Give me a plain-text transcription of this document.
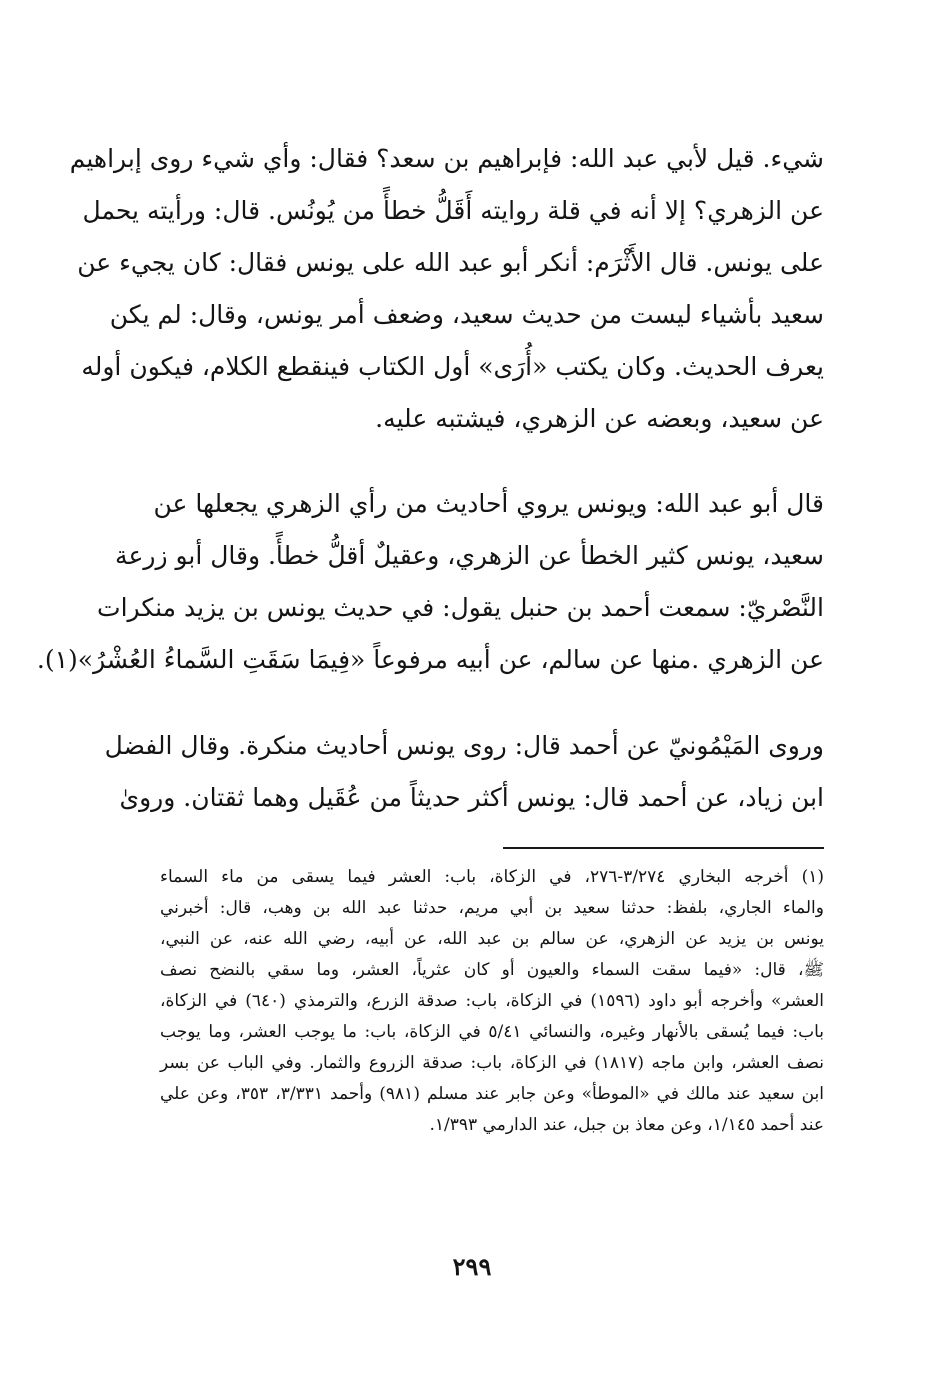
شيء. قيل لأبي عبد الله: فإبراهيم بن سعد؟ فقال: وأي شيء روى إبراهيم
عن الزهري؟ إلا أنه في قلة روايته أَقَلُّ خطأً من يُونُس. قال: ورأيته يحمل
على يونس. قال الأَثْرَم: أنكر أبو عبد الله على يونس فقال: كان يجيء عن
سعيد بأشياء ليست من حديث سعيد، وضعف أمر يونس، وقال: لم يكن
يعرف الحديث. وكان يكتب «أُرَى» أول الكتاب فينقطع الكلام، فيكون أوله
عن سعيد، وبعضه عن الزهري، فيشتبه عليه.
قال أبو عبد الله: ويونس يروي أحاديث من رأي الزهري يجعلها عن
سعيد، يونس كثير الخطأ عن الزهري، وعقيلٌ أقلُّ خطأً. وقال أبو زرعة
النَّصْريّ: سمعت أحمد بن حنبل يقول: في حديث يونس بن يزيد منكرات
عن الزهري .منها عن سالم، عن أبيه مرفوعاً «فِيمَا سَقَتِ السَّماءُ العُشْرُ»(١).
وروى المَيْمُونيّ عن أحمد قال: روى يونس أحاديث منكرة. وقال الفضل
ابن زياد، عن أحمد قال: يونس أكثر حديثاً من عُقَيل وهما ثقتان. وروىٰ
(١) أخرجه البخاري ٣/٢٧٤-٢٧٦، في الزكاة، باب: العشر فيما يسقى من ماء السماء
والماء الجاري، بلفظ: حدثنا سعيد بن أبي مريم، حدثنا عبد الله بن وهب، قال: أخبرني
يونس بن يزيد عن الزهري، عن سالم بن عبد الله، عن أبيه، رضي الله عنه، عن النبي،
ﷺ، قال: «فيما سقت السماء والعيون أو كان عثرياً، العشر، وما سقي بالنضح نصف
العشر» وأخرجه أبو داود (١٥٩٦) في الزكاة، باب: صدقة الزرع، والترمذي (٦٤٠) في الزكاة،
باب: فيما يُسقى بالأنهار وغيره، والنسائي ٥/٤١ في الزكاة، باب: ما يوجب العشر، وما يوجب
نصف العشر، وابن ماجه (١٨١٧) في الزكاة، باب: صدقة الزروع والثمار. وفي الباب عن بسر
ابن سعيد عند مالك في «الموطأ» وعن جابر عند مسلم (٩٨١) وأحمد ٣/٣٣١، ٣٥٣، وعن علي
عند أحمد ١/١٤٥، وعن معاذ بن جبل، عند الدارمي ١/٣٩٣.
٢٩٩
